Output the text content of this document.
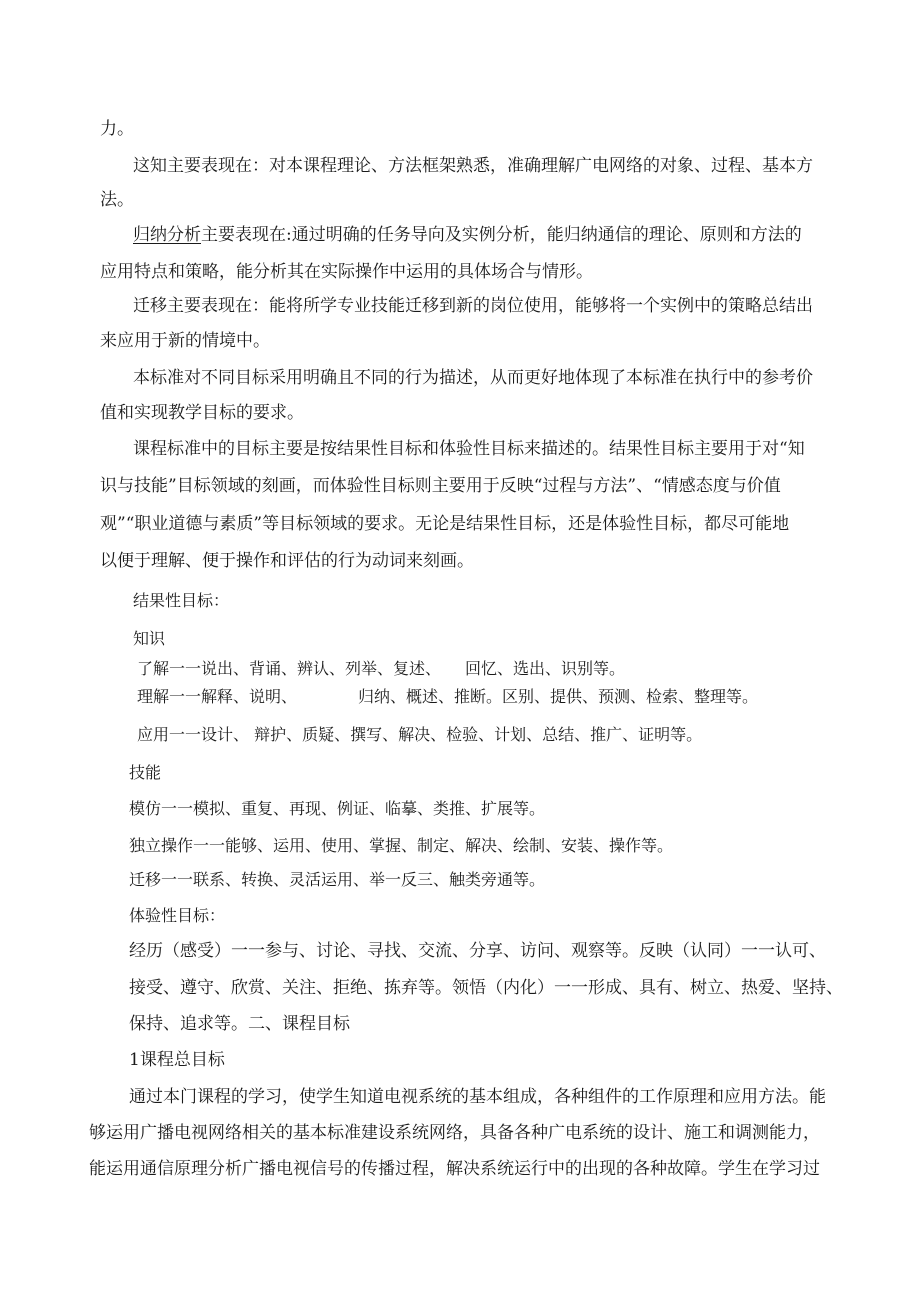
力。
这知主要表现在：对本课程理论、方法框架熟悉，准确理解广电网络的对象、过程、基本方
法。
归纳分析主要表现在:通过明确的任务导向及实例分析，能归纳通信的理论、原则和方法的
应用特点和策略，能分析其在实际操作中运用的具体场合与情形。
迁移主要表现在：能将所学专业技能迁移到新的岗位使用，能够将一个实例中的策略总结出
来应用于新的情境中。
本标准对不同目标采用明确且不同的行为描述，从而更好地体现了本标准在执行中的参考价
值和实现教学目标的要求。
课程标准中的目标主要是按结果性目标和体验性目标来描述的。结果性目标主要用于对“知
识与技能”目标领域的刻画，而体验性目标则主要用于反映“过程与方法”、“情感态度与价值
观”“职业道德与素质”等目标领域的要求。无论是结果性目标，还是体验性目标，都尽可能地
以便于理解、便于操作和评估的行为动词来刻画。
结果性目标：
知识
了解一一说出、背诵、辨认、列举、复述、　　回忆、选出、识别等。
理解一一解释、说明、	归纳、概述、推断。区别、提供、预测、检索、整理等。
应用一一设计、 辩护、质疑、撰写、解决、检验、计划、总结、推广、证明等。
技能
模仿一一模拟、重复、再现、例证、临摹、类推、扩展等。
独立操作一一能够、运用、使用、掌握、制定、解决、绘制、安装、操作等。
迁移一一联系、转换、灵活运用、举一反三、触类旁通等。
体验性目标：
经历（感受）一一参与、讨论、寻找、交流、分享、访问、观察等。反映（认同）一一认可、
接受、遵守、欣赏、关注、拒绝、拣弃等。领悟（内化）一一形成、具有、树立、热爱、坚持、
保持、追求等。二、课程目标
1课程总目标
通过本门课程的学习，使学生知道电视系统的基本组成，各种组件的工作原理和应用方法。能
够运用广播电视网络相关的基本标准建设系统网络，具备各种广电系统的设计、施工和调测能力，
能运用通信原理分析广播电视信号的传播过程，解决系统运行中的出现的各种故障。学生在学习过
